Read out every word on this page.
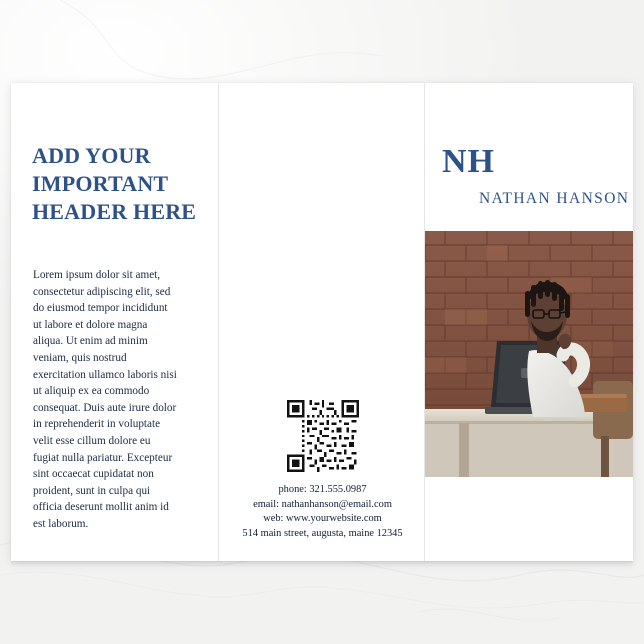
ADD YOUR IMPORTANT HEADER HERE
Lorem ipsum dolor sit amet, consectetur adipiscing elit, sed do eiusmod tempor incididunt ut labore et dolore magna aliqua. Ut enim ad minim veniam, quis nostrud exercitation ullamco laboris nisi ut aliquip ex ea commodo consequat. Duis aute irure dolor in reprehenderit in voluptate velit esse cillum dolore eu fugiat nulla pariatur. Excepteur sint occaecat cupidatat non proident, sunt in culpa qui officia deserunt mollit anim id est laborum.
phone: 321.555.0987
email: nathanhanson@email.com
web: www.yourwebsite.com
514 main street, augusta, maine 12345
NH
NATHAN HANSON
